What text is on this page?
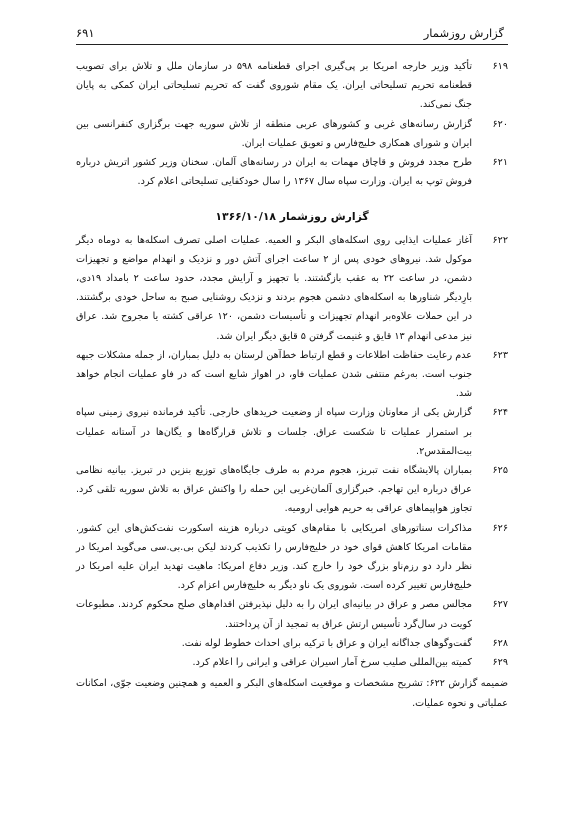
گزارش روزشمار
۶۹۱
۶۱۹
تأکید وزیر خارجه امریکا بر پی‌گیری اجرای قطعنامه ۵۹۸ در سازمان ملل و تلاش برای تصویب قطعنامه تحریم تسلیحاتی ایران. یک مقام شوروی گفت که تحریم تسلیحاتی ایران کمکی به پایان جنگ نمی‌کند.
۶۲۰
گزارش رسانه‌های غربی و کشورهای عربی منطقه از تلاش سوریه جهت برگزاری کنفرانسی بین ایران و شورای همکاری خلیج‌فارس و تعویق عملیات ایران.
۶۲۱
طرح مجدد فروش و قاچاق مهمات به ایران در رسانه‌های آلمان. سخنان وزیر کشور اتریش درباره فروش توپ به ایران. وزارت سپاه سال ۱۳۶۷ را سال خودکفایی تسلیحاتی اعلام کرد.
گزارش روزشمار ۱۳۶۶/۱۰/۱۸
۶۲۲
آغاز عملیات ایذایی روی اسکله‌های البکر و العمیه. عملیات اصلی تصرف اسکله‌ها به دوماه دیگر موکول شد. نیروهای خودی پس از ۲ ساعت اجرای آتش دور و نزدیک و انهدام مواضع و تجهیزات دشمن، در ساعت ۲۲ به عقب بازگشتند. با تجهیز و آرایش مجدد، حدود ساعت ۲ بامداد ۱۹دی، بارِدیگر شناورها به اسکله‌های دشمن هجوم بردند و نزدیک روشنایی صبح به ساحل خودی برگشتند. در این حملات علاوه‌بر انهدام تجهیزات و تأسیسات دشمن، ۱۲۰ عراقی کشته یا مجروح شد. عراق نیز مدعی انهدام ۱۳ قایق و غنیمت گرفتن ۵ قایق دیگر ایران شد.
۶۲۳
عدم رعایت حفاظت اطلاعات و قطع ارتباط خط‌آهن لرستان به دلیل بمباران، از جمله مشکلات جبهه جنوب است. به‌رغم منتفی شدن عملیات فاو، در اهواز شایع است که در فاو عملیات انجام خواهد شد.
۶۲۴
گزارش یکی از معاونان وزارت سپاه از وضعیت خریدهای خارجی. تأکید فرمانده نیروی زمینی سپاه بر استمرار عملیات تا شکست عراق. جلسات و تلاش قرارگاه‌ها و یگان‌ها در آستانه عملیات بیت‌المقدس۲.
۶۲۵
بمباران پالایشگاه نفت تبریز، هجوم مردم به طرف جایگاه‌های توزیع بنزین در تبریز. بیانیه نظامی عراق درباره این تهاجم. خبرگزاری آلمان‌غربی این حمله را واکنش عراق به تلاش سوریه تلقی کرد. تجاوز هواپیماهای عراقی به حریم هوایی ارومیه.
۶۲۶
مذاکرات سناتورهای امریکایی با مقام‌های کویتی درباره هزینه اسکورت نفت‌کش‌های این کشور. مقامات امریکا کاهش قوای خود در خلیج‌فارس را تکذیب کردند لیکن بی.بی.سی می‌گوید امریکا در نظر دارد دو رزم‌ناو بزرگ خود را خارج کند. وزیر دفاع امریکا: ماهیت تهدید ایران علیه امریکا در خلیج‌فارس تغییر کرده است. شوروی یک ناو دیگر به خلیج‌فارس اعزام کرد.
۶۲۷
مجالس مصر و عراق در بیانیه‌ای ایران را به دلیل نپذیرفتن اقدام‌های صلح محکوم کردند. مطبوعات کویت در سال‌گرد تأسیس ارتش عراق به تمجید از آن پرداختند.
۶۲۸
گفت‌وگوهای جداگانه ایران و عراق با ترکیه برای احداث خطوط لوله نفت.
۶۲۹
کمیته بین‌المللی صلیب سرخ آمار اسیران عراقی و ایرانی را اعلام کرد.
ضمیمه گزارش ۶۲۲: تشریح مشخصات و موقعیت اسکله‌های البکر و العمیه و همچنین وضعیت جوّی، امکانات عملیاتی و نحوه عملیات.
